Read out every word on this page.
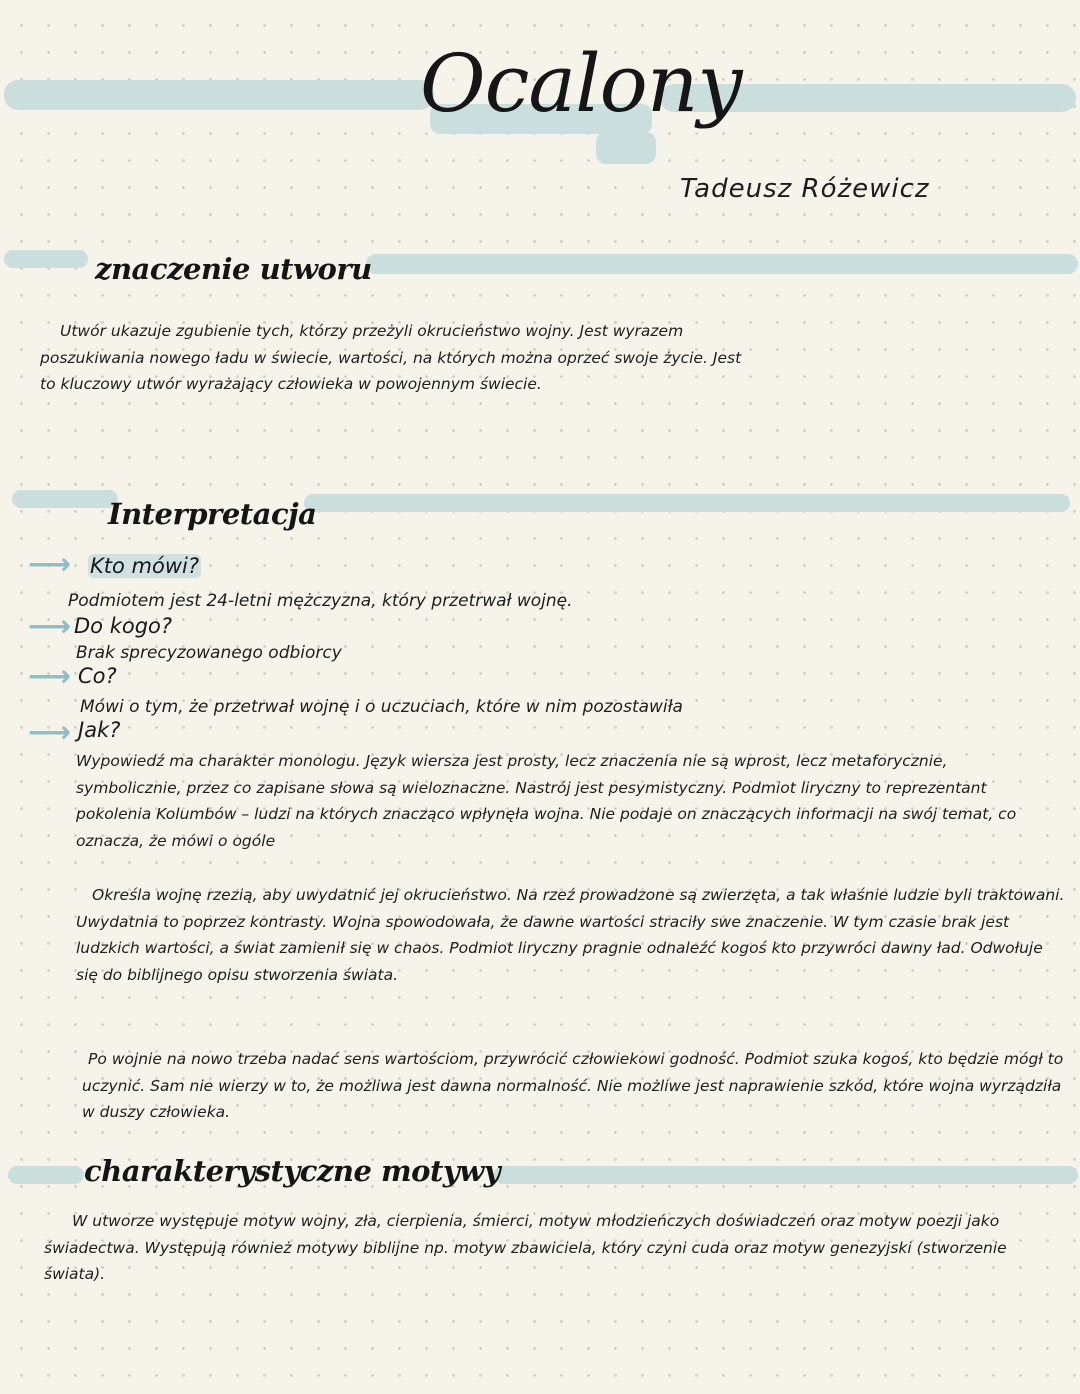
Ocalony
Tadeusz Różewicz
znaczenie utworu

Utwór ukazuje zgubienie tych, którzy przeżyli okrucieństwo wojny. Jest wyrazem poszukiwania nowego ładu w świecie, wartości, na których można oprzeć swoje życie. Jest to kluczowy utwór wyrażający człowieka w powojennym świecie.

Interpretacja
⟶ Kto mówi?

Podmiotem jest 24-letni mężczyzna, który przetrwał wojnę.

⟶ Do kogo?

Brak sprecyzowanego odbiorcy

⟶ Co?

Mówi o tym, że przetrwał wojnę i o uczuciach, które w nim pozostawiła

⟶ Jak?

Wypowiedź ma charakter monologu. Język wiersza jest prosty, lecz znaczenia nie są wprost, lecz metaforycznie, symbolicznie, przez co zapisane słowa są wieloznaczne. Nastrój jest pesymistyczny. Podmiot liryczny to reprezentant pokolenia Kolumbów – ludzi na których znacząco wpłynęła wojna. Nie podaje on znaczących informacji na swój temat, co oznacza, że mówi o ogóle

Określa wojnę rzezią, aby uwydatnić jej okrucieństwo. Na rzeź prowadzone są zwierzęta, a tak właśnie ludzie byli traktowani. Uwydatnia to poprzez kontrasty. Wojna spowodowała, że dawne wartości straciły swe znaczenie. W tym czasie brak jest ludzkich wartości, a świat zamienił się w chaos. Podmiot liryczny pragnie odnaleźć kogoś kto przywróci dawny ład. Odwołuje się do biblijnego opisu stworzenia świata.

Po wojnie na nowo trzeba nadać sens wartościom, przywrócić człowiekowi godność. Podmiot szuka kogoś, kto będzie mógł to uczynić. Sam nie wierzy w to, że możliwa jest dawna normalność. Nie możliwe jest naprawienie szkód, które wojna wyrządziła w duszy człowieka.

charakterystyczne motywy

W utworze występuje motyw wojny, zła, cierpienia, śmierci, motyw młodzieńczych doświadczeń oraz motyw poezji jako świadectwa. Występują również motywy biblijne np. motyw zbawiciela, który czyni cuda oraz motyw genezyjski (stworzenie świata).
